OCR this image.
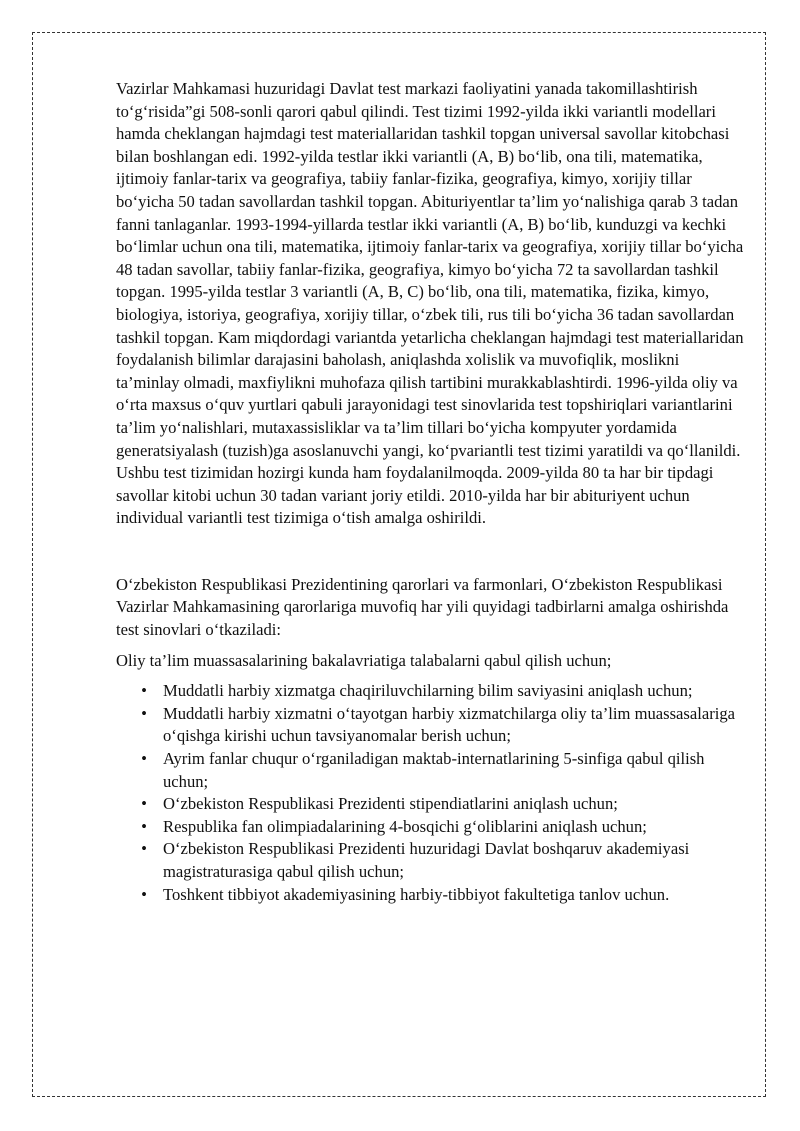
Vazirlar Mahkamasi huzuridagi Davlat test markazi faoliyatini yanada takomillashtirish to‘g‘risida”gi 508-sonli qarori qabul qilindi. Test tizimi 1992-yilda ikki variantli modellari hamda cheklangan hajmdagi test materiallaridan tashkil topgan universal savollar kitobchasi bilan boshlangan edi. 1992-yilda testlar ikki variantli (A, B) bo‘lib, ona tili, matematika, ijtimoiy fanlar-tarix va geografiya, tabiiy fanlar-fizika, geografiya, kimyo, xorijiy tillar bo‘yicha 50 tadan savollardan tashkil topgan. Abituriyentlar ta’lim yo‘nalishiga qarab 3 tadan fanni tanlaganlar. 1993-1994-yillarda testlar ikki variantli (A, B) bo‘lib, kunduzgi va kechki bo‘limlar uchun ona tili, matematika, ijtimoiy fanlar-tarix va geografiya, xorijiy tillar bo‘yicha 48 tadan savollar, tabiiy fanlar-fizika, geografiya, kimyo bo‘yicha 72 ta savollardan tashkil topgan. 1995-yilda testlar 3 variantli (A, B, C) bo‘lib, ona tili, matematika, fizika, kimyo, biologiya, istoriya, geografiya, xorijiy tillar, o‘zbek tili, rus tili bo‘yicha 36 tadan savollardan tashkil topgan. Kam miqdordagi variantda yetarlicha cheklangan hajmdagi test materiallaridan foydalanish bilimlar darajasini baholash, aniqlashda xolislik va muvofiqlik, moslikni ta’minlay olmadi, maxfiylikni muhofaza qilish tartibini murakkablashtirdi. 1996-yilda oliy va o‘rta maxsus o‘quv yurtlari qabuli jarayonidagi test sinovlarida test topshiriqlari variantlarini ta’lim yo‘nalishlari, mutaxassisliklar va ta’lim tillari bo‘yicha kompyuter yordamida generatsiyalash (tuzish)ga asoslanuvchi yangi, ko‘pvariantli test tizimi yaratildi va qo‘llanildi. Ushbu test tizimidan hozirgi kunda ham foydalanilmoqda. 2009-yilda 80 ta har bir tipdagi savollar kitobi uchun 30 tadan variant joriy etildi. 2010-yilda har bir abituriyent uchun individual variantli test tizimiga o‘tish amalga oshirildi.

O‘zbekiston Respublikasi Prezidentining qarorlari va farmonlari, O‘zbekiston Respublikasi Vazirlar Mahkamasining qarorlariga muvofiq har yili quyidagi tadbirlarni amalga oshirishda test sinovlari o‘tkaziladi:

Oliy ta’lim muassasalarining bakalavriatiga talabalarni qabul qilish uchun;

• Muddatli harbiy xizmatga chaqiriluvchilarning bilim saviyasini aniqlash uchun;
• Muddatli harbiy xizmatni o‘tayotgan harbiy xizmatchilarga oliy ta’lim muassasalariga o‘qishga kirishi uchun tavsiyanomalar berish uchun;
• Ayrim fanlar chuqur o‘rganiladigan maktab-internatlarining 5-sinfiga qabul qilish uchun;
• O‘zbekiston Respublikasi Prezidenti stipendiatlarini aniqlash uchun;
• Respublika fan olimpiadalarining 4-bosqichi g‘oliblarini aniqlash uchun;
• O‘zbekiston Respublikasi Prezidenti huzuridagi Davlat boshqaruv akademiyasi magistraturasiga qabul qilish uchun;
• Toshkent tibbiyot akademiyasining harbiy-tibbiyot fakultetiga tanlov uchun.
